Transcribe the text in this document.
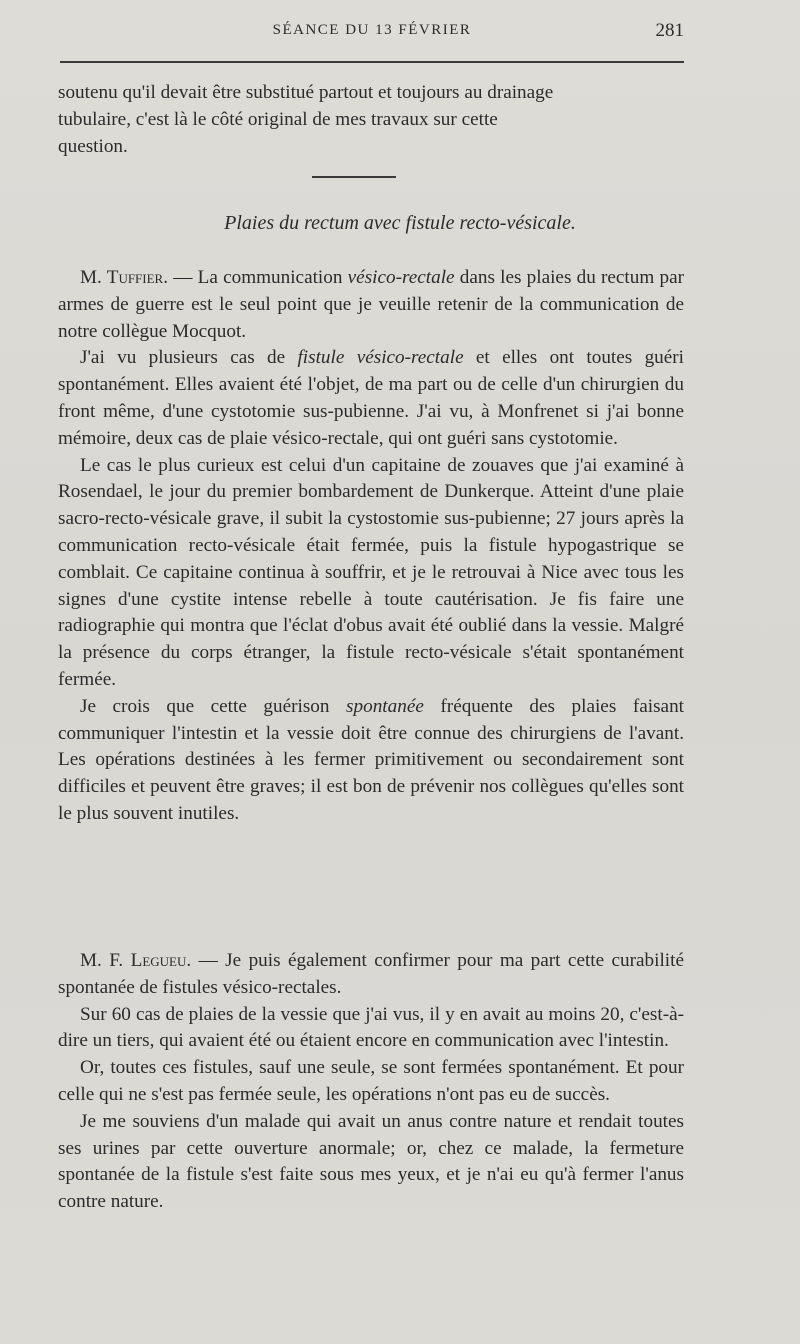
SÉANCE DU 13 FÉVRIER	281

soutenu qu'il devait être substitué partout et toujours au drainage
tubulaire, c'est là le côté original de mes travaux sur cette
question.

Plaies du rectum avec fistule recto-vésicale.

M. Tuffier. — La communication vésico-rectale dans les plaies du rectum par armes de guerre est le seul point que je veuille retenir de la communication de notre collègue Mocquot.

J'ai vu plusieurs cas de fistule vésico-rectale et elles ont toutes guéri spontanément. Elles avaient été l'objet, de ma part ou de celle d'un chirurgien du front même, d'une cystotomie sus-pubienne. J'ai vu, à Monfrenet si j'ai bonne mémoire, deux cas de plaie vésico-rectale, qui ont guéri sans cystotomie.

Le cas le plus curieux est celui d'un capitaine de zouaves que j'ai examiné à Rosendael, le jour du premier bombardement de Dunkerque. Atteint d'une plaie sacro-recto-vésicale grave, il subit la cystostomie sus-pubienne; 27 jours après la communication recto-vésicale était fermée, puis la fistule hypogastrique se comblait. Ce capitaine continua à souffrir, et je le retrouvai à Nice avec tous les signes d'une cystite intense rebelle à toute cautérisation. Je fis faire une radiographie qui montra que l'éclat d'obus avait été oublié dans la vessie. Malgré la présence du corps étranger, la fistule recto-vésicale s'était spontanément fermée.

Je crois que cette guérison spontanée fréquente des plaies faisant communiquer l'intestin et la vessie doit être connue des chirurgiens de l'avant. Les opérations destinées à les fermer primitivement ou secondairement sont difficiles et peuvent être graves; il est bon de prévenir nos collègues qu'elles sont le plus souvent inutiles.

M. F. Legueu. — Je puis également confirmer pour ma part cette curabilité spontanée de fistules vésico-rectales.

Sur 60 cas de plaies de la vessie que j'ai vus, il y en avait au moins 20, c'est-à-dire un tiers, qui avaient été ou étaient encore en communication avec l'intestin.

Or, toutes ces fistules, sauf une seule, se sont fermées spontanément. Et pour celle qui ne s'est pas fermée seule, les opérations n'ont pas eu de succès.

Je me souviens d'un malade qui avait un anus contre nature et rendait toutes ses urines par cette ouverture anormale; or, chez ce malade, la fermeture spontanée de la fistule s'est faite sous mes yeux, et je n'ai eu qu'à fermer l'anus contre nature.
